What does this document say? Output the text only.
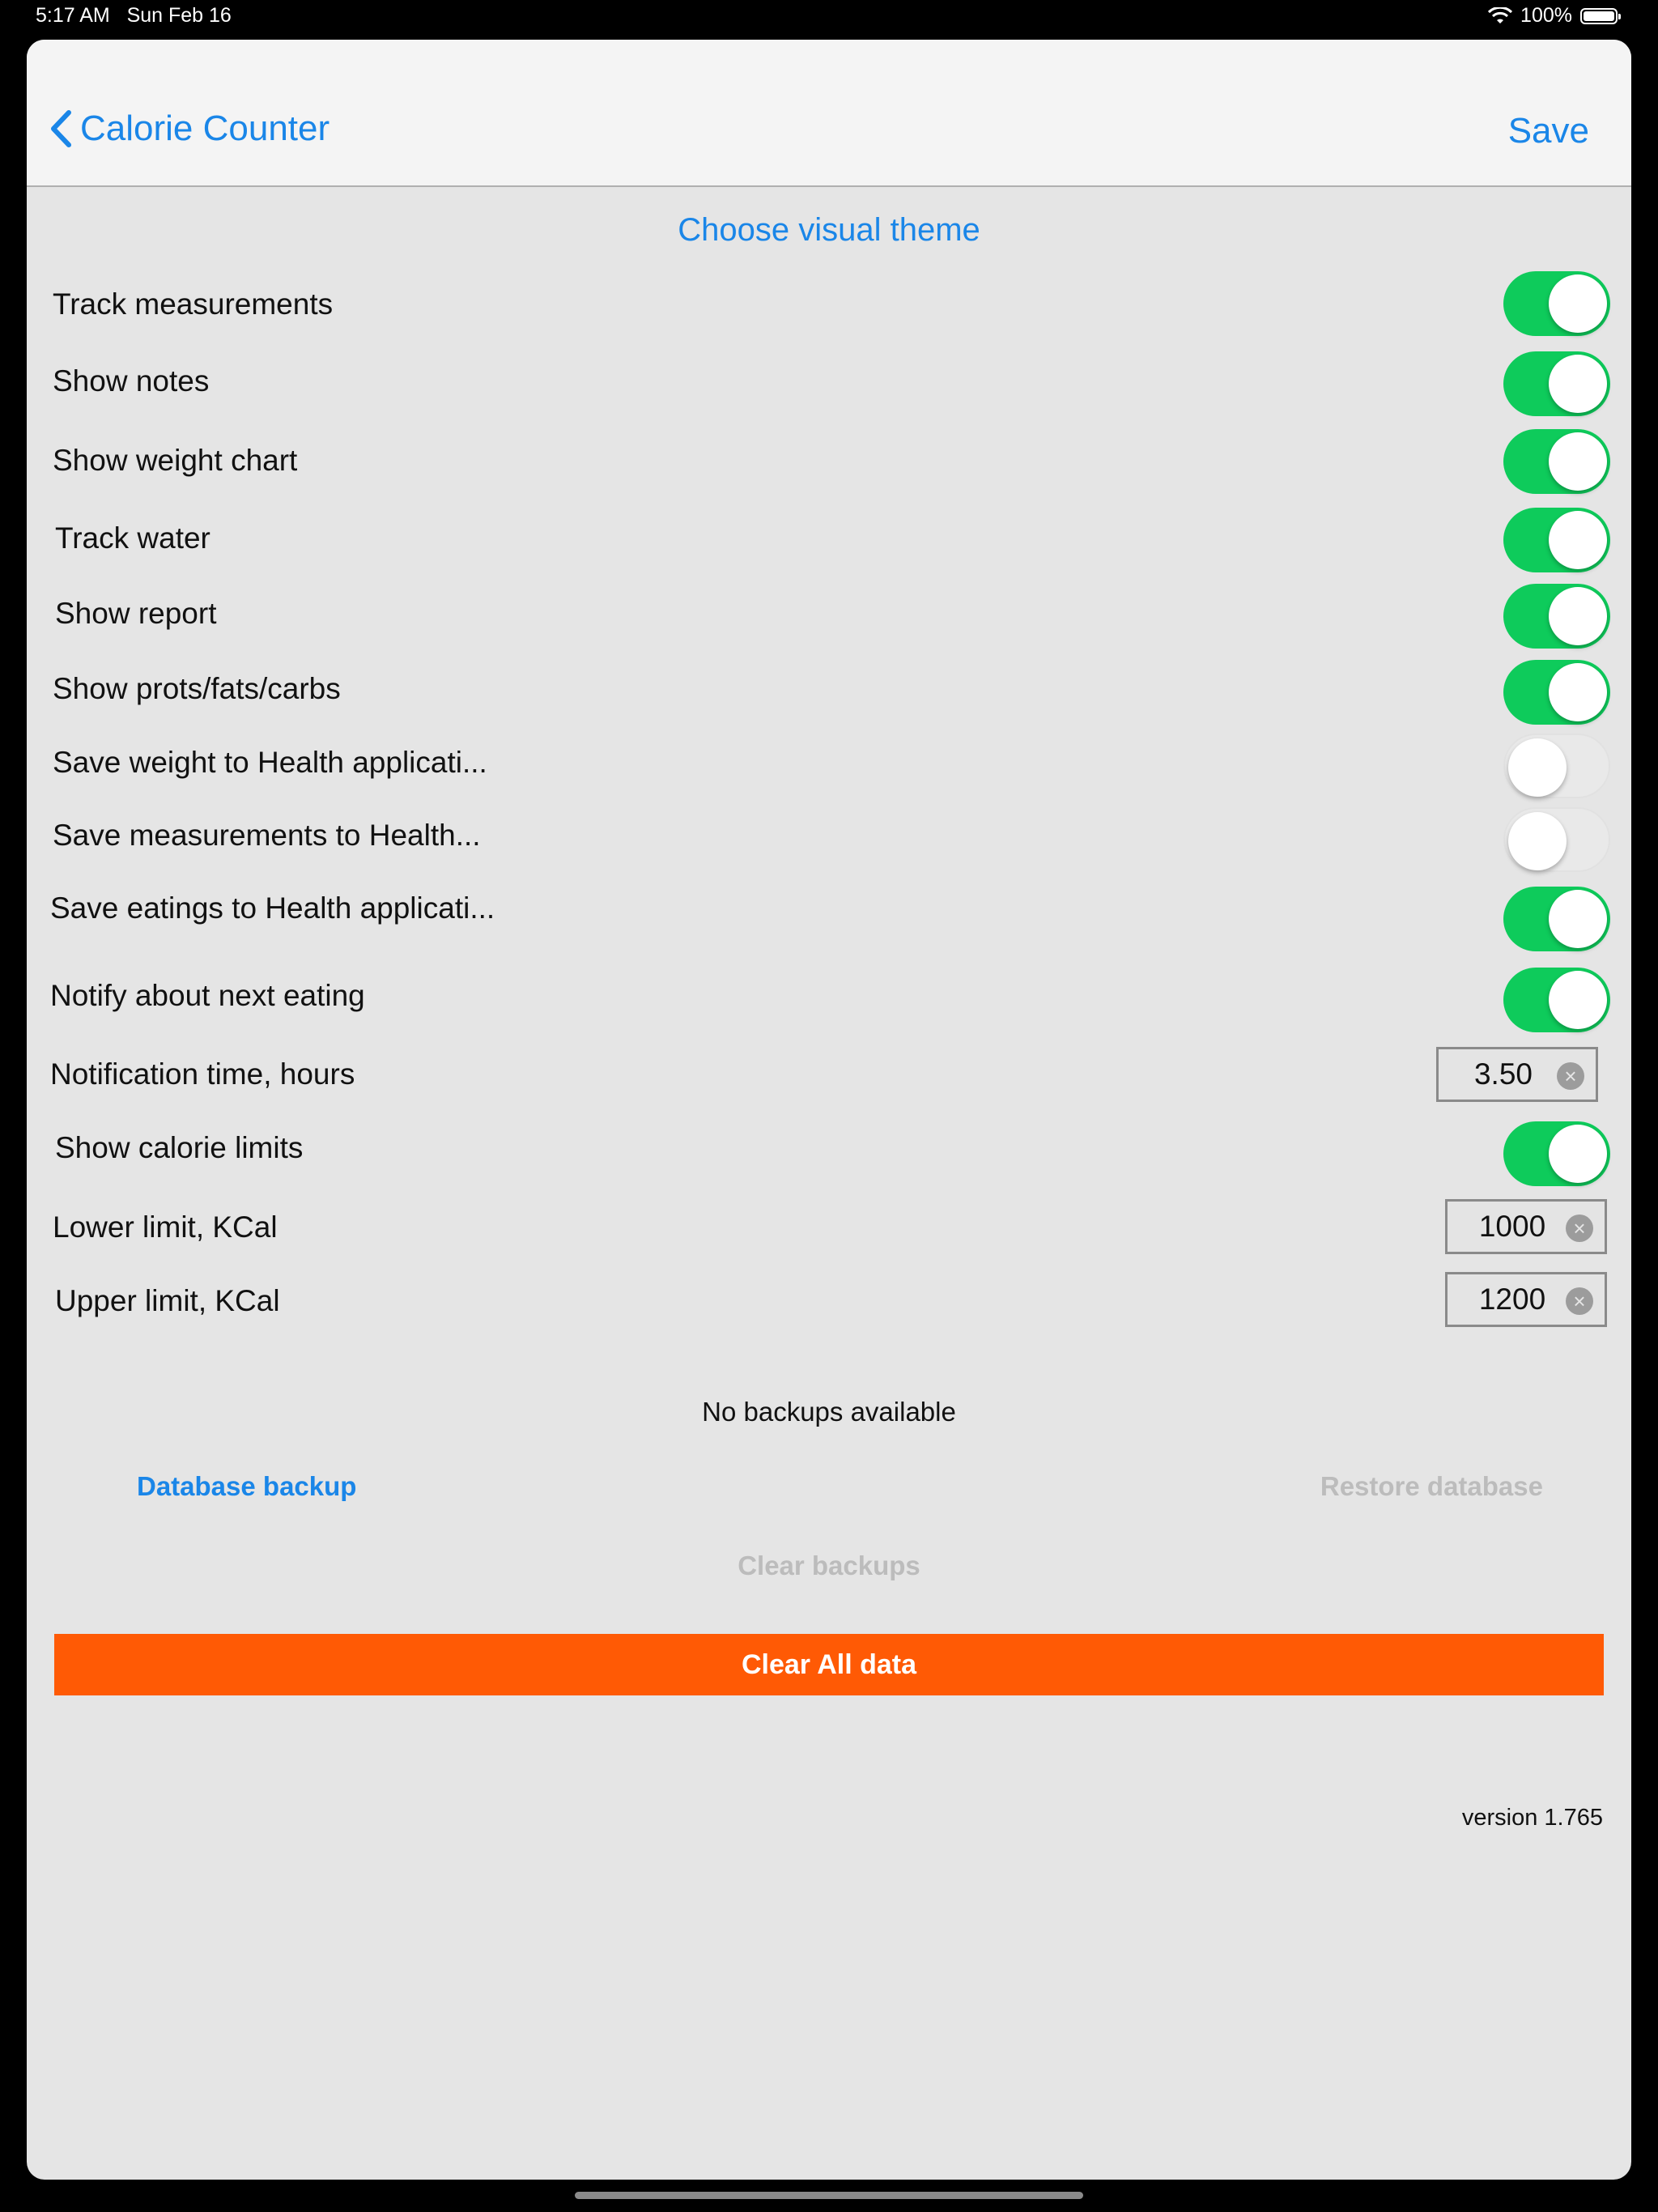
5:17 AM Sun Feb 16	100%
Calorie Counter	Save
Choose visual theme
Track measurements
Show notes
Show weight chart
Track water
Show report
Show prots/fats/carbs
Save weight to Health applicati...
Save measurements to Health...
Save eatings to Health applicati...
Notify about next eating
Notification time, hours
3.50	×
Show calorie limits
Lower limit, KCal
1000	×
Upper limit, KCal
1200	×
No backups available
Database backup	Restore database
Clear backups
Clear All data
version 1.765
